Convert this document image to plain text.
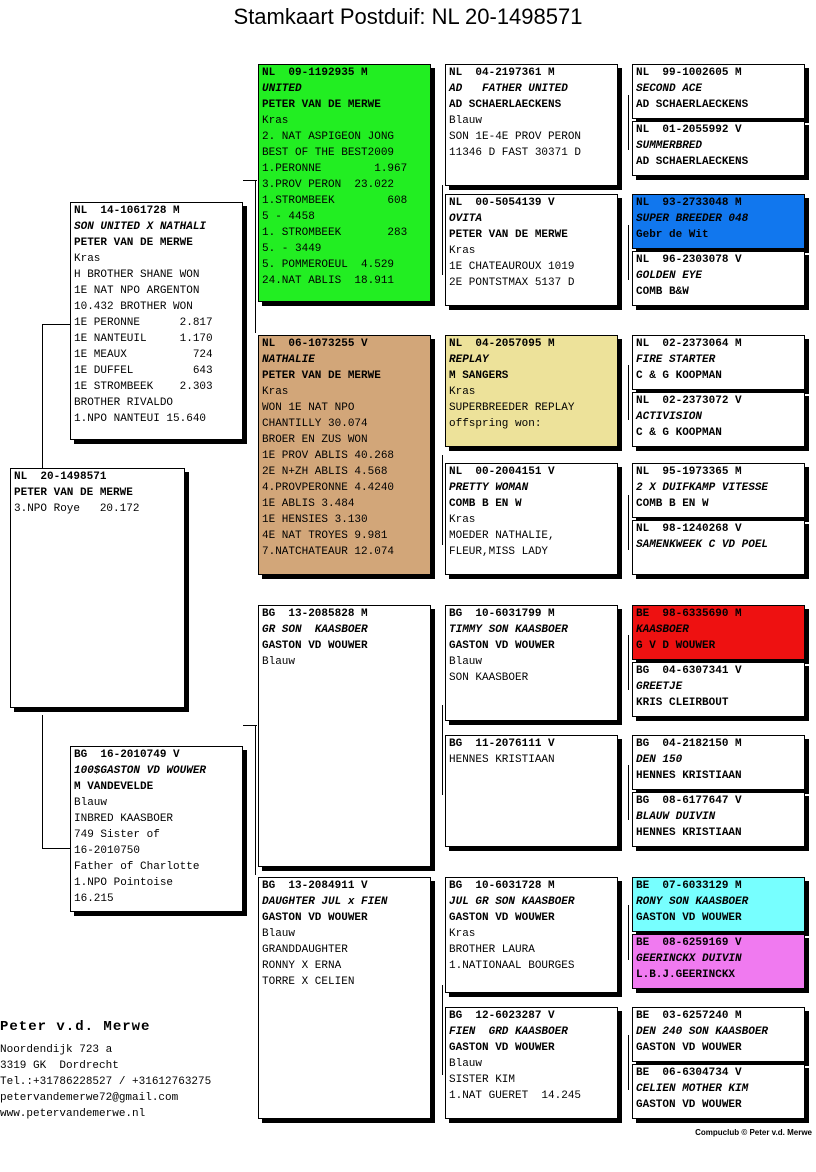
Stamkaart Postduif: NL 20-1498571
NL  20-1498571
PETER VAN DE MERWE
3.NPO Roye   20.172
NL  14-1061728 M
SON UNITED X NATHALI
PETER VAN DE MERWE
Kras
H BROTHER SHANE WON
1E NAT NPO ARGENTON
10.432 BROTHER WON
1E PERONNE      2.817
1E NANTEUIL     1.170
1E MEAUX          724
1E DUFFEL         643
1E STROMBEEK    2.303
BROTHER RIVALDO
1.NPO NANTEUI 15.640
BG  16-2010749 V
100$GASTON VD WOUWER
M VANDEVELDE
Blauw
INBRED KAASBOER
749 Sister of
16-2010750
Father of Charlotte
1.NPO Pointoise
16.215
NL  09-1192935 M
UNITED
PETER VAN DE MERWE
Kras
2. NAT ASPIGEON JONG
BEST OF THE BEST2009
1.PERONNE        1.967
3.PROV PERON  23.022
1.STROMBEEK        608
5 - 4458
1. STROMBEEK       283
5. - 3449
5. POMMEROEUL  4.529
24.NAT ABLIS  18.911
NL  06-1073255 V
NATHALIE
PETER VAN DE MERWE
Kras
WON 1E NAT NPO
CHANTILLY 30.074
BROER EN ZUS WON
1E PROV ABLIS 40.268
2E N+ZH ABLIS 4.568
4.PROVPERONNE 4.4240
1E ABLIS 3.484
1E HENSIES 3.130
4E NAT TROYES 9.981
7.NATCHATEAUR 12.074
BG  13-2085828 M
GR SON  KAASBOER
GASTON VD WOUWER
Blauw
BG  13-2084911 V
DAUGHTER JUL x FIEN
GASTON VD WOUWER
Blauw
GRANDDAUGHTER
RONNY X ERNA
TORRE X CELIEN
NL  04-2197361 M
AD   FATHER UNITED
AD SCHAERLAECKENS
Blauw
SON 1E-4E PROV PERON
11346 D FAST 30371 D
NL  00-5054139 V
OVITA
PETER VAN DE MERWE
Kras
1E CHATEAUROUX 1019
2E PONTSTMAX 5137 D
NL  04-2057095 M
REPLAY
M SANGERS
Kras
SUPERBREEDER REPLAY
offspring won:
NL  00-2004151 V
PRETTY WOMAN
COMB B EN W
Kras
MOEDER NATHALIE,
FLEUR,MISS LADY
BG  10-6031799 M
TIMMY SON KAASBOER
GASTON VD WOUWER
Blauw
SON KAASBOER
BG  11-2076111 V
HENNES KRISTIAAN
BG  10-6031728 M
JUL GR SON KAASBOER
GASTON VD WOUWER
Kras
BROTHER LAURA
1.NATIONAAL BOURGES
BG  12-6023287 V
FIEN  GRD KAASBOER
GASTON VD WOUWER
Blauw
SISTER KIM
1.NAT GUERET  14.245
NL  99-1002605 M
SECOND ACE
AD SCHAERLAECKENS
NL  01-2055992 V
SUMMERBRED
AD SCHAERLAECKENS
NL  93-2733048 M
SUPER BREEDER 048
Gebr de Wit
NL  96-2303078 V
GOLDEN EYE
COMB B&W
NL  02-2373064 M
FIRE STARTER
C & G KOOPMAN
NL  02-2373072 V
ACTIVISION
C & G KOOPMAN
NL  95-1973365 M
2 X DUIFKAMP VITESSE
COMB B EN W
NL  98-1240268 V
SAMENKWEEK C VD POEL
BE  98-6335690 M
KAASBOER
G V D WOUWER
BG  04-6307341 V
GREETJE
KRIS CLEIRBOUT
BG  04-2182150 M
DEN 150
HENNES KRISTIAAN
BG  08-6177647 V
BLAUW DUIVIN
HENNES KRISTIAAN
BE  07-6033129 M
RONY SON KAASBOER
GASTON VD WOUWER
BE  08-6259169 V
GEERINCKX DUIVIN
L.B.J.GEERINCKX
BE  03-6257240 M
DEN 240 SON KAASBOER
GASTON VD WOUWER
BE  06-6304734 V
CELIEN MOTHER KIM
GASTON VD WOUWER
Peter v.d. Merwe
Noordendijk 723 a
3319 GK  Dordrecht
Tel.:+31786228527 / +31612763275
petervandemerwe72@gmail.com
www.petervandemerwe.nl
Compuclub © Peter v.d. Merwe
